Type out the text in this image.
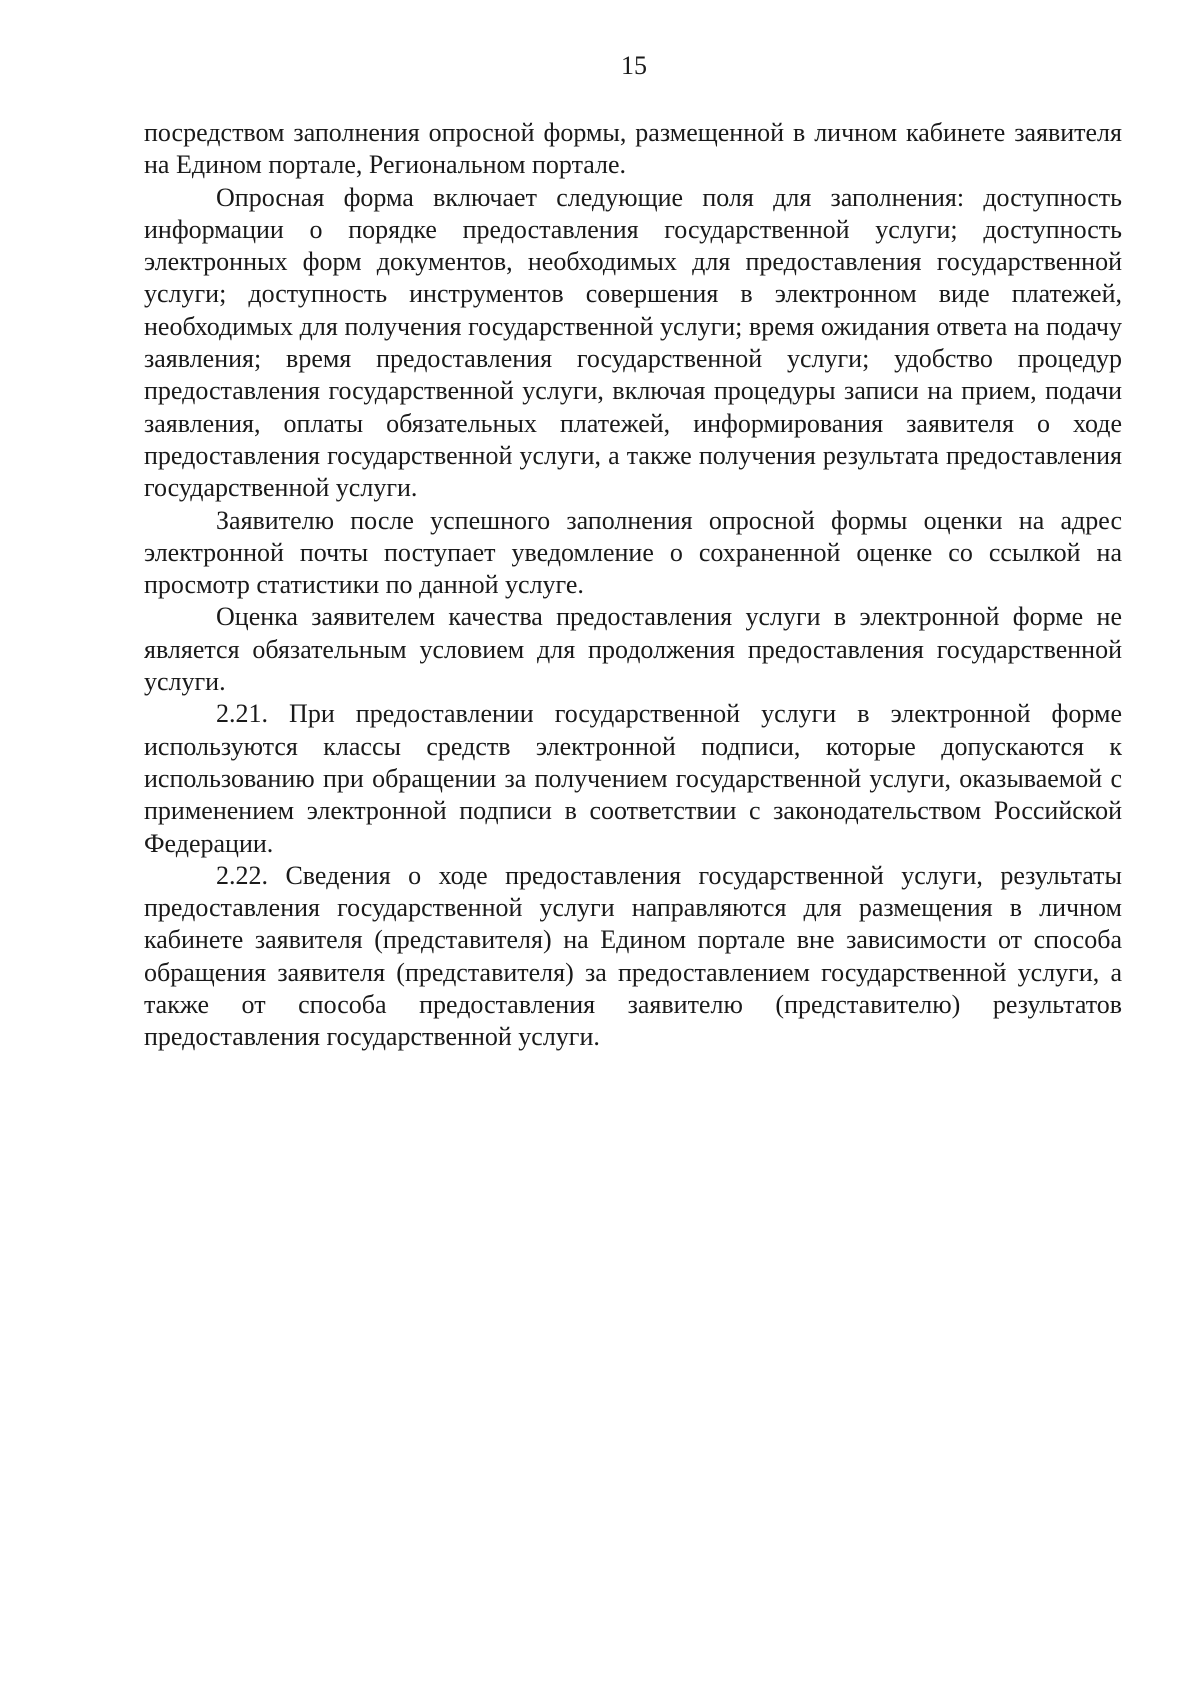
15

посредством заполнения опросной формы, размещенной в личном кабинете заявителя на Едином портале, Региональном портале.

Опросная форма включает следующие поля для заполнения: доступность информации о порядке предоставления государственной услуги; доступность электронных форм документов, необходимых для предоставления государственной услуги; доступность инструментов совершения в электронном виде платежей, необходимых для получения государственной услуги; время ожидания ответа на подачу заявления; время предоставления государственной услуги; удобство процедур предоставления государственной услуги, включая процедуры записи на прием, подачи заявления, оплаты обязательных платежей, информирования заявителя о ходе предоставления государственной услуги, а также получения результата предоставления государственной услуги.

Заявителю после успешного заполнения опросной формы оценки на адрес электронной почты поступает уведомление о сохраненной оценке со ссылкой на просмотр статистики по данной услуге.

Оценка заявителем качества предоставления услуги в электронной форме не является обязательным условием для продолжения предоставления государственной услуги.

2.21. При предоставлении государственной услуги в электронной форме используются классы средств электронной подписи, которые допускаются к использованию при обращении за получением государственной услуги, оказываемой с применением электронной подписи в соответствии с законодательством Российской Федерации.

2.22. Сведения о ходе предоставления государственной услуги, результаты предоставления государственной услуги направляются для размещения в личном кабинете заявителя (представителя) на Едином портале вне зависимости от способа обращения заявителя (представителя) за предоставлением государственной услуги, а также от способа предоставления заявителю (представителю) результатов предоставления государственной услуги.
